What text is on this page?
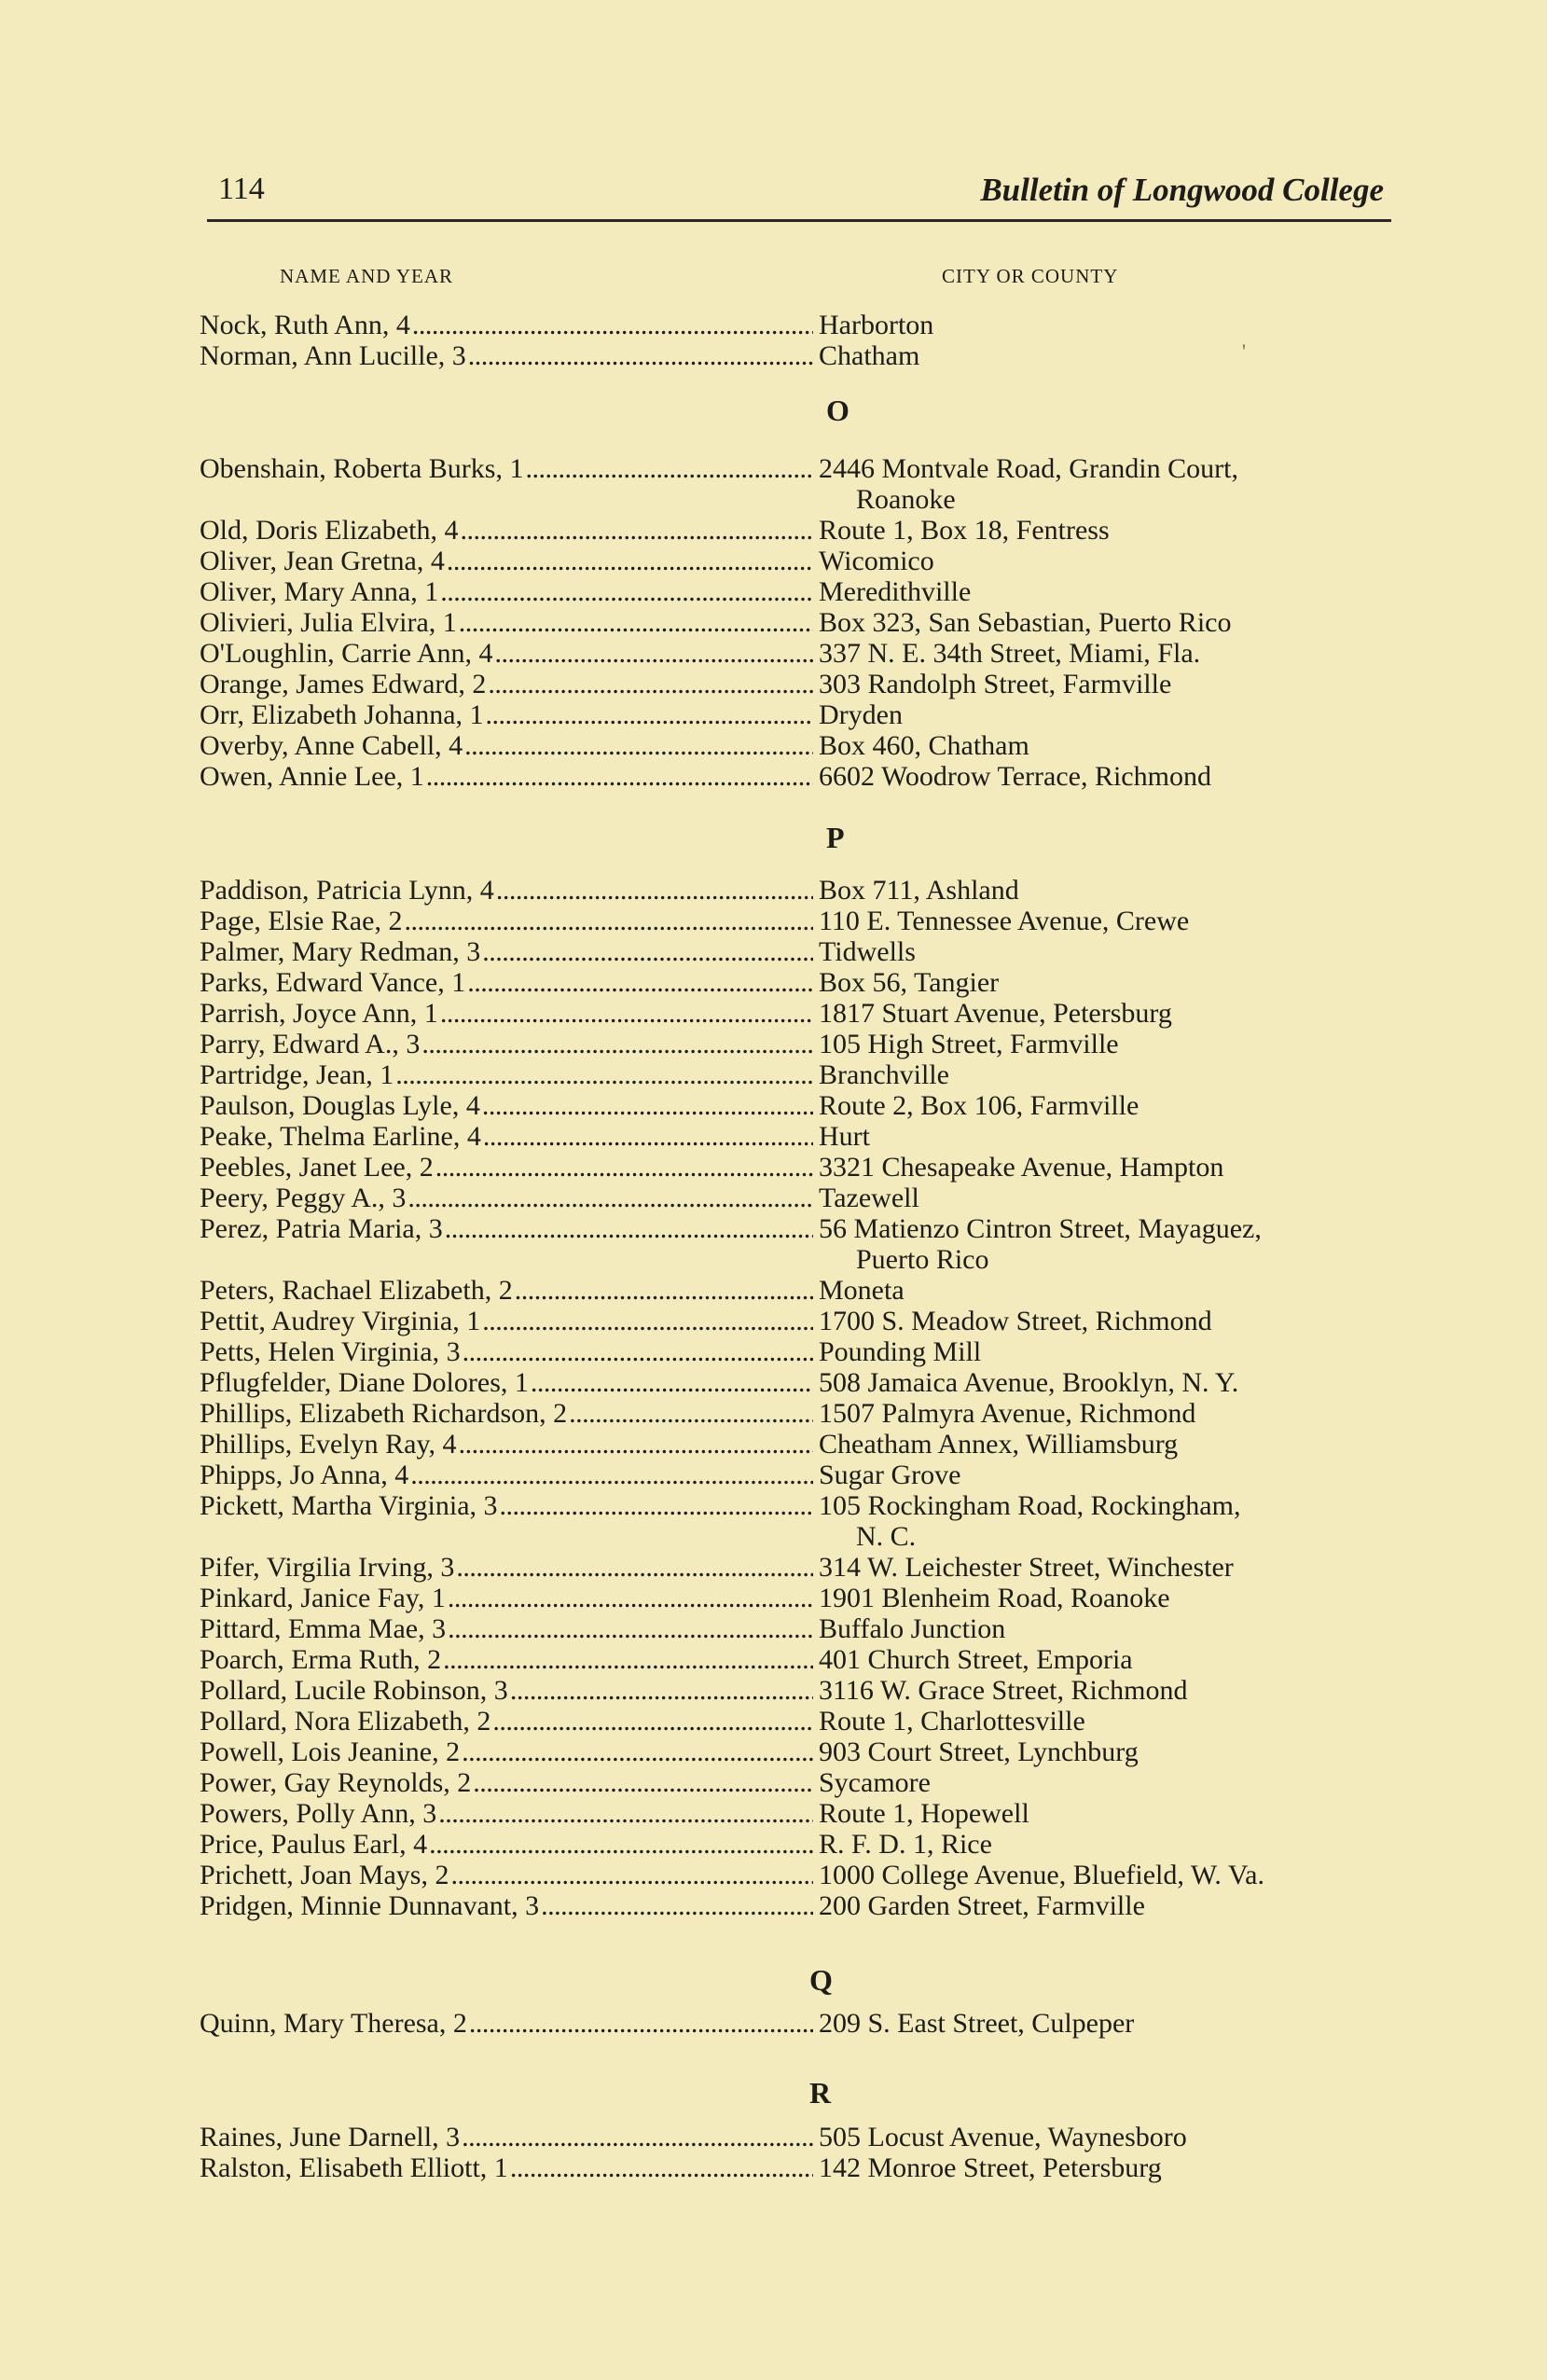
114	Bulletin of Longwood College
NAME AND YEAR	CITY OR COUNTY
'
O
P
Q
R
Nock, Ruth Ann, 4 . . .	Harborton
Norman, Ann Lucille, 3 . . .	Chatham
Obenshain, Roberta Burks, 1 . . .	2446 Montvale Road, Grandin Court,
Roanoke
Old, Doris Elizabeth, 4 . . .	Route 1, Box 18, Fentress
Oliver, Jean Gretna, 4 . . .	Wicomico
Oliver, Mary Anna, 1 . . .	Meredithville
Olivieri, Julia Elvira, 1 . . .	Box 323, San Sebastian, Puerto Rico
O'Loughlin, Carrie Ann, 4 . . .	337 N. E. 34th Street, Miami, Fla.
Orange, James Edward, 2 . . .	303 Randolph Street, Farmville
Orr, Elizabeth Johanna, 1 . . .	Dryden
Overby, Anne Cabell, 4 . . .	Box 460, Chatham
Owen, Annie Lee, 1 . . .	6602 Woodrow Terrace, Richmond
Paddison, Patricia Lynn, 4 . . .	Box 711, Ashland
Page, Elsie Rae, 2 . . .	110 E. Tennessee Avenue, Crewe
Palmer, Mary Redman, 3 . . .	Tidwells
Parks, Edward Vance, 1 . . .	Box 56, Tangier
Parrish, Joyce Ann, 1 . . .	1817 Stuart Avenue, Petersburg
Parry, Edward A., 3 . . .	105 High Street, Farmville
Partridge, Jean, 1 . . .	Branchville
Paulson, Douglas Lyle, 4 . . .	Route 2, Box 106, Farmville
Peake, Thelma Earline, 4 . . .	Hurt
Peebles, Janet Lee, 2 . . .	3321 Chesapeake Avenue, Hampton
Peery, Peggy A., 3 . . .	Tazewell
Perez, Patria Maria, 3 . . .	56 Matienzo Cintron Street, Mayaguez,
Puerto Rico
Peters, Rachael Elizabeth, 2 . . .	Moneta
Pettit, Audrey Virginia, 1 . . .	1700 S. Meadow Street, Richmond
Petts, Helen Virginia, 3 . . .	Pounding Mill
Pflugfelder, Diane Dolores, 1 . . .	508 Jamaica Avenue, Brooklyn, N. Y.
Phillips, Elizabeth Richardson, 2 . . .	1507 Palmyra Avenue, Richmond
Phillips, Evelyn Ray, 4 . . .	Cheatham Annex, Williamsburg
Phipps, Jo Anna, 4 . . .	Sugar Grove
Pickett, Martha Virginia, 3 . . .	105 Rockingham Road, Rockingham,
N. C.
Pifer, Virgilia Irving, 3 . . .	314 W. Leichester Street, Winchester
Pinkard, Janice Fay, 1 . . .	1901 Blenheim Road, Roanoke
Pittard, Emma Mae, 3 . . .	Buffalo Junction
Poarch, Erma Ruth, 2 . . .	401 Church Street, Emporia
Pollard, Lucile Robinson, 3 . . .	3116 W. Grace Street, Richmond
Pollard, Nora Elizabeth, 2 . . .	Route 1, Charlottesville
Powell, Lois Jeanine, 2 . . .	903 Court Street, Lynchburg
Power, Gay Reynolds, 2 . . .	Sycamore
Powers, Polly Ann, 3 . . .	Route 1, Hopewell
Price, Paulus Earl, 4 . . .	R. F. D. 1, Rice
Prichett, Joan Mays, 2 . . .	1000 College Avenue, Bluefield, W. Va.
Pridgen, Minnie Dunnavant, 3 . . .	200 Garden Street, Farmville
Quinn, Mary Theresa, 2 . . .	209 S. East Street, Culpeper
Raines, June Darnell, 3 . . .	505 Locust Avenue, Waynesboro
Ralston, Elisabeth Elliott, 1 . . .	142 Monroe Street, Petersburg
